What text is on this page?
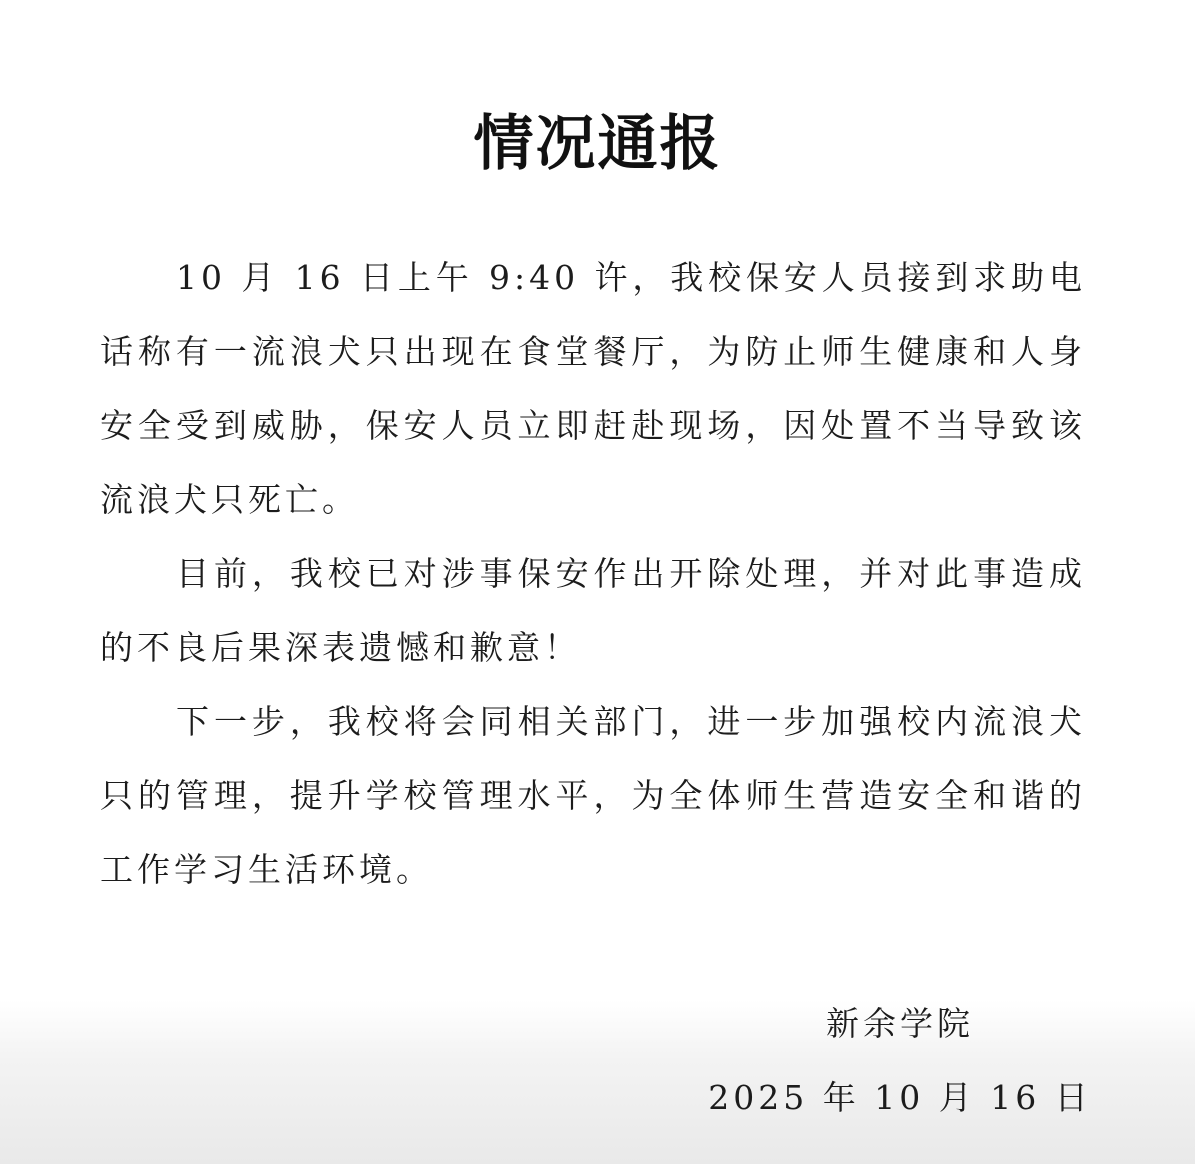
情况通报

10 月 16 日上午 9:40 许，我校保安人员接到求助电话称有一流浪犬只出现在食堂餐厅，为防止师生健康和人身安全受到威胁，保安人员立即赶赴现场，因处置不当导致该流浪犬只死亡。

目前，我校已对涉事保安作出开除处理，并对此事造成的不良后果深表遗憾和歉意！

下一步，我校将会同相关部门，进一步加强校内流浪犬只的管理，提升学校管理水平，为全体师生营造安全和谐的工作学习生活环境。

新余学院
2025 年 10 月 16 日
